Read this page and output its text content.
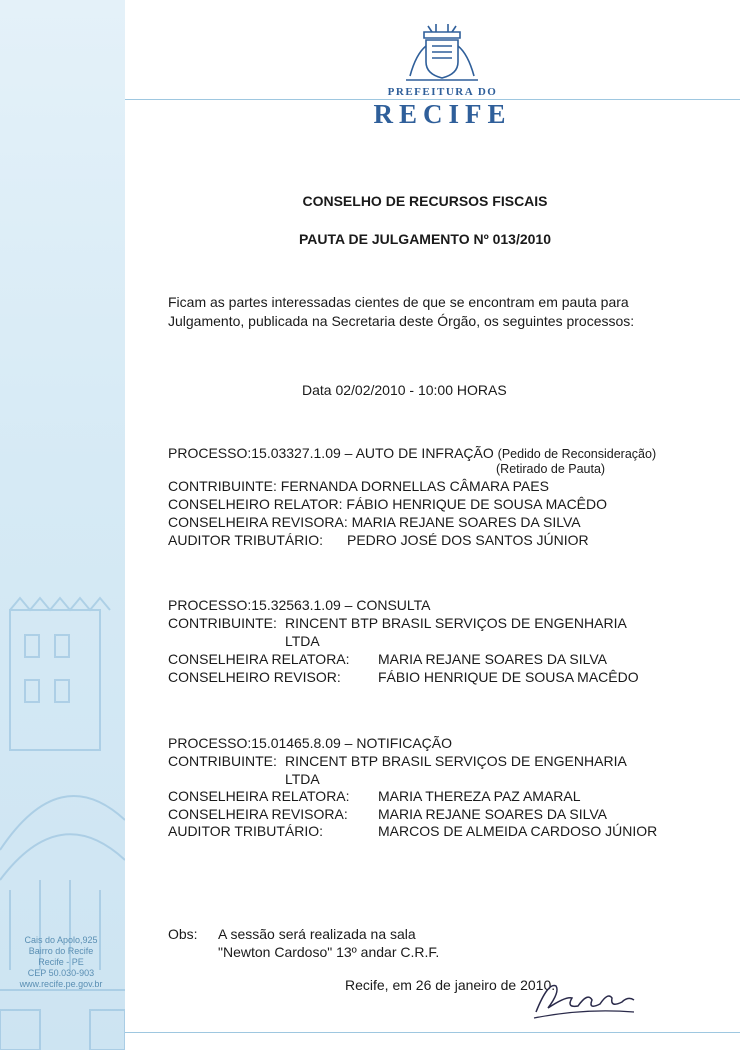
Cais do Apolo,925
Bairro do Recife
Recife - PE
CEP 50.030-903
www.recife.pe.gov.br
PREFEITURA DO
RECIFE
CONSELHO DE RECURSOS FISCAIS
PAUTA DE JULGAMENTO Nº 013/2010
Ficam as partes interessadas cientes de que se encontram em pauta para
Julgamento, publicada na Secretaria deste Órgão, os seguintes processos:
Data 02/02/2010 - 10:00 HORAS
PROCESSO:15.03327.1.09 – AUTO DE INFRAÇÃO (Pedido de Reconsideração)
(Retirado de Pauta)
CONTRIBUINTE: FERNANDA DORNELLAS CÂMARA PAES
CONSELHEIRO RELATOR: FÁBIO HENRIQUE DE SOUSA MACÊDO
CONSELHEIRA REVISORA: MARIA REJANE SOARES DA SILVA
AUDITOR TRIBUTÁRIO: PEDRO JOSÉ DOS SANTOS JÚNIOR
PROCESSO:15.32563.1.09 – CONSULTA
CONTRIBUINTE: RINCENT BTP BRASIL SERVIÇOS DE ENGENHARIA
LTDA
CONSELHEIRA RELATORA: MARIA REJANE SOARES DA SILVA
CONSELHEIRO REVISOR:	FÁBIO HENRIQUE DE SOUSA MACÊDO
PROCESSO:15.01465.8.09 – NOTIFICAÇÃO
CONTRIBUINTE: RINCENT BTP BRASIL SERVIÇOS DE ENGENHARIA
LTDA
CONSELHEIRA RELATORA: MARIA THEREZA PAZ AMARAL
CONSELHEIRA REVISORA: MARIA REJANE SOARES DA SILVA
AUDITOR TRIBUTÁRIO:	MARCOS DE ALMEIDA CARDOSO JÚNIOR
Obs: A sessão será realizada na sala
"Newton Cardoso" 13º andar C.R.F.
Recife, em 26 de janeiro de 2010.
